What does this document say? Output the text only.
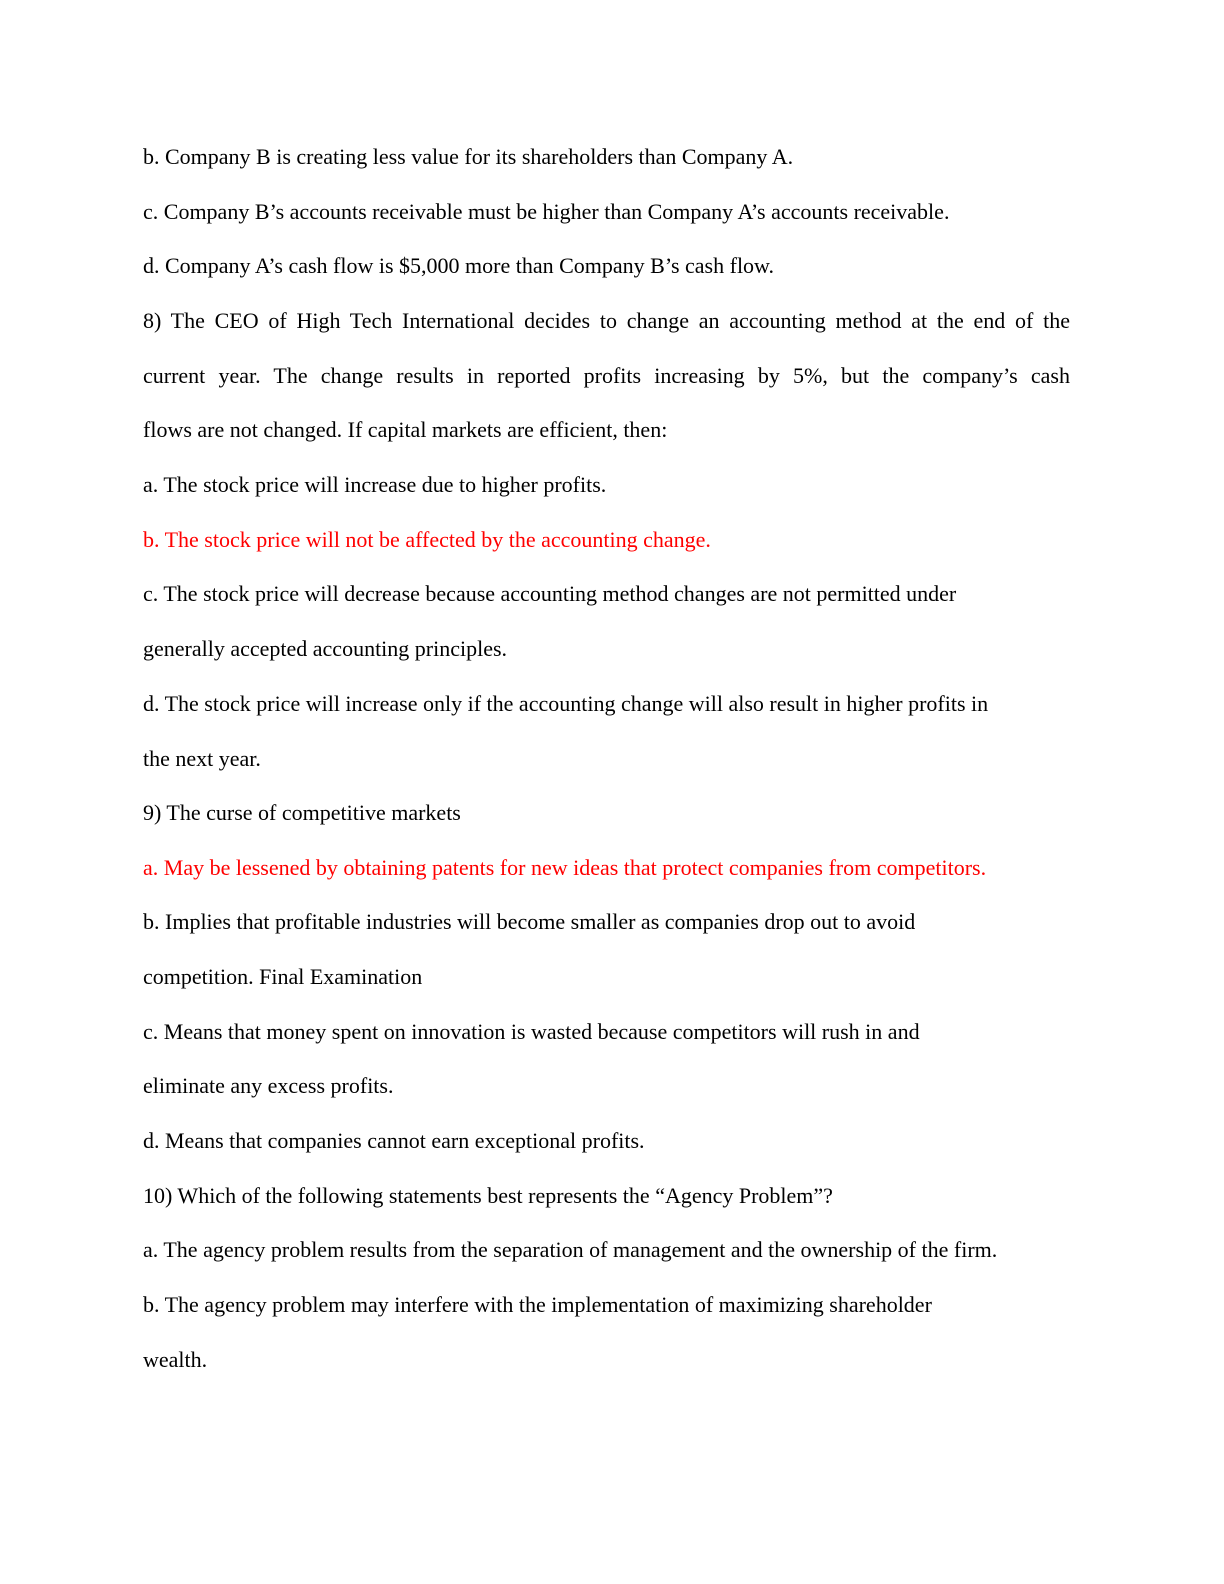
b. Company B is creating less value for its shareholders than Company A.
c. Company B’s accounts receivable must be higher than Company A’s accounts receivable.
d. Company A’s cash flow is $5,000 more than Company B’s cash flow.
8) The CEO of High Tech International decides to change an accounting method at the end of the
current year. The change results in reported profits increasing by 5%, but the company’s cash
flows are not changed. If capital markets are efficient, then:
a. The stock price will increase due to higher profits.
b. The stock price will not be affected by the accounting change.
c. The stock price will decrease because accounting method changes are not permitted under
generally accepted accounting principles.
d. The stock price will increase only if the accounting change will also result in higher profits in
the next year.
9) The curse of competitive markets
a. May be lessened by obtaining patents for new ideas that protect companies from competitors.
b. Implies that profitable industries will become smaller as companies drop out to avoid
competition. Final Examination
c. Means that money spent on innovation is wasted because competitors will rush in and
eliminate any excess profits.
d. Means that companies cannot earn exceptional profits.
10) Which of the following statements best represents the “Agency Problem”?
a. The agency problem results from the separation of management and the ownership of the firm.
b. The agency problem may interfere with the implementation of maximizing shareholder
wealth.
